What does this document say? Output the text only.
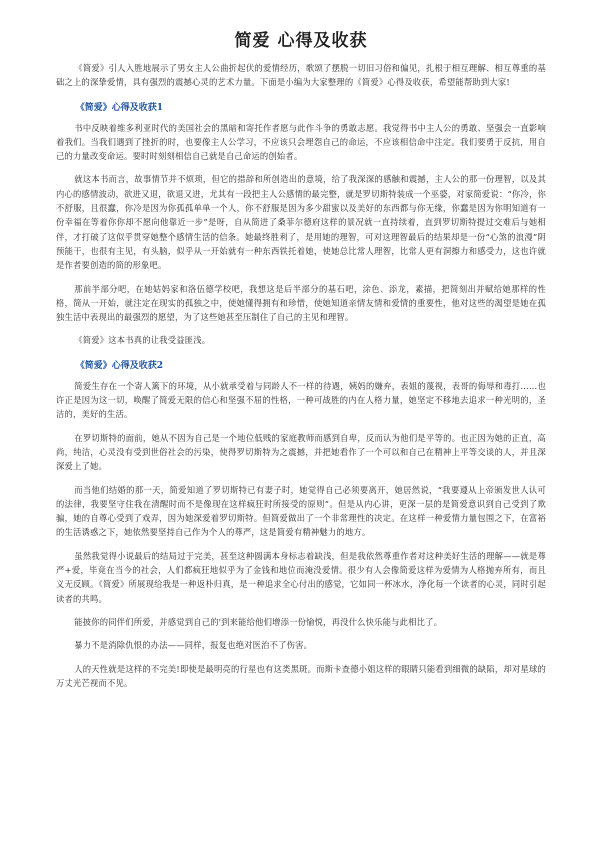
简爱 心得及收获

《简爱》引人入胜地展示了男女主人公曲折起伏的爱情经历，歌颂了摆脱一切旧习俗和偏见，扎根于相互理解、相互尊重的基础之上的深挚爱情，具有强烈的震撼心灵的艺术力量。下面是小编为大家整理的《简爱》心得及收获，希望能帮助到大家!

《简爱》心得及收获1

书中反映着维多利亚时代的美国社会的黑暗和寄托作者愿与此作斗争的勇敢志愿。我觉得书中主人公的勇敢、坚强会一直影响着我们。当我们遇到了挫折的时，也要像主人公学习，不应该只会埋怨自己的命运，不应该相信命中注定。我们要勇于反抗，用自己的力量改变命运。要时时刻刻相信自己就是自己命运的创始者。

就这本书而言，故事情节并不烦琐，但它的措辞和所创造出的意境，给了我深深的感触和震撼，主人公的那一份理智，以及其内心的感情波动，欲进又退，欲退又进，尤其有一段把主人公感情的最完整，就是罗切斯特装成一个巫婆，对家简爱说：“你冷，你不舒服，且很蠢，你冷是因为你孤孤单单一个人，你不舒服是因为多少甜蜜以及美好的东西都与你无缘，你蠢是因为你明知道有一份幸福在等着你你却不愿向他靠近一步”是呀，自从简进了桑菲尔德府这样的景况就一直持续着，直到罗切斯特提过交难后与她相伴，才打破了这似乎贯穿她整个感情生活的信条。她最终胜利了，是用她的理智，可对这理智最后的结果却是一份“心煞的浪漫”阴预能干，也很有主见，有头脑，似乎从一开始就有一种东西铁托着她，使她总比常人理智，比常人更有洞擦力和感受力，这也许就是作者要创造的简的形象吧。

那前半部分吧，在她姑妈家和洛伍德学校吧，我想这是后半部分的基石吧，涂色、添龙，素描，把简刻出并赋给她那样的性格，简从一开始，就注定在现实的孤独之中，使她懂得拥有和珍惜，使她知道亲情友情和爱情的重要性，他对这些的渴望是她在孤独生活中表现出的最强烈的愿望，为了这些她甚至压制住了自己的主见和理智。

《简爱》这本书真的让我受益匪浅。

《简爱》心得及收获2

简爱生存在一个寄人篱下的环境，从小就承受着与同龄人不一样的待遇，姨妈的嫌弃，表姐的蔑视，表哥的侮辱和毒打……也许正是因为这一切，唤醒了简爱无限的信心和坚强不屈的性格，一种可战胜的内在人格力量，她坚定不移地去追求一种光明的，圣洁的，美好的生活。

在罗切斯特的面前，她从不因为自己是一个地位低贱的家庭教师而感到自卑，反而认为他们是平等的。也正因为她的正直，高尚，纯洁，心灵没有受到世俗社会的污染，使得罗切斯特为之震撼，并把她看作了一个可以和自己在精神上平等交谈的人，并且深深爱上了她。

而当他们结婚的那一天，简爱知道了罗切斯特已有妻子时，她觉得自己必须要离开，她居然说，“我要遵从上帝颁发世人认可的法律，我要坚守住我在清醒时而不是像现在这样疯狂时所接受的原则”。但是从内心讲，更深一层的是简爱意识到自己受到了欺骗，她的自尊心受到了戏弄，因为她深爱着罗切斯特。但简爱做出了一个非常理性的决定。在这样一种爱情力量包围之下，在富裕的生活诱惑之下，她依然要坚持自己作为个人的尊严，这是简爱有精神魅力的地方。

虽然我觉得小说最后的结局过于完美，甚至这种圆满本身标志着缺浅，但是我依然尊重作者对这种美好生活的理解——就是尊严+爱，毕竟在当今的社会，人们都疯狂地似乎为了金钱和地位而淹没爱情。很少有人会像简爱这样为爱情为人格抛弃所有，而且义无反顾。《简爱》所展现给我是一种返朴归真，是一种追求全心付出的感觉，它如同一杯冰水，净化每一个读者的心灵，同时引起读者的共鸣。

能披你的同伴们所爱，并感觉到自己的'到来能给他们增添一份愉悦，再没什么快乐能与此相比了。

暴力不是消除仇恨的办法——同样，报复也绝对医治不了伤害。

人的天性就是这样的不完美!即使是最明亮的行星也有这类黑斑。而斯卡查德小姐这样的眼睛只能看到细微的缺陷，却对星球的万丈光芒视而不见。
